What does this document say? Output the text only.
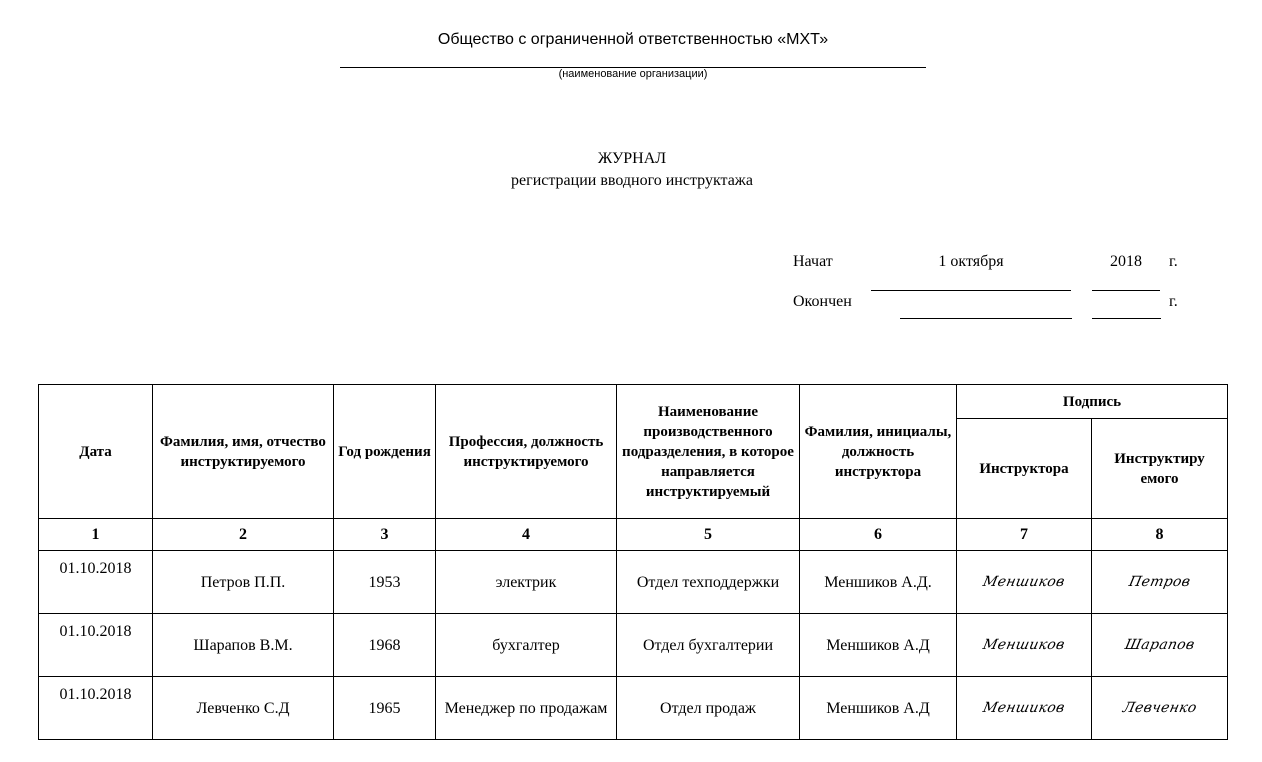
Общество с ограниченной ответственностью «МХТ»
(наименование организации)
ЖУРНАЛ
регистрации вводного инструктажа
Начат	1 октября	2018	г.
Окончен	г.
Дата	Фамилия, имя, отчество инструктируемого	Год рождения	Профессия, должность инструктируемого	Наименование производственного подразделения, в которое направляется инструктируемый	Фамилия, инициалы, должность инструктора	Подпись	
						Инструктора	Инструктиру емого
1	2	3	4	5	6	7	8
01.10.2018	Петров П.П.	1953	электрик	Отдел техподдержки	Меншиков А.Д.	Меншиков	Петров
01.10.2018	Шарапов В.М.	1968	бухгалтер	Отдел бухгалтерии	Меншиков А.Д	Меншиков	Шарапов
01.10.2018	Левченко С.Д	1965	Менеджер по продажам	Отдел продаж	Меншиков А.Д	Меншиков	Левченко
